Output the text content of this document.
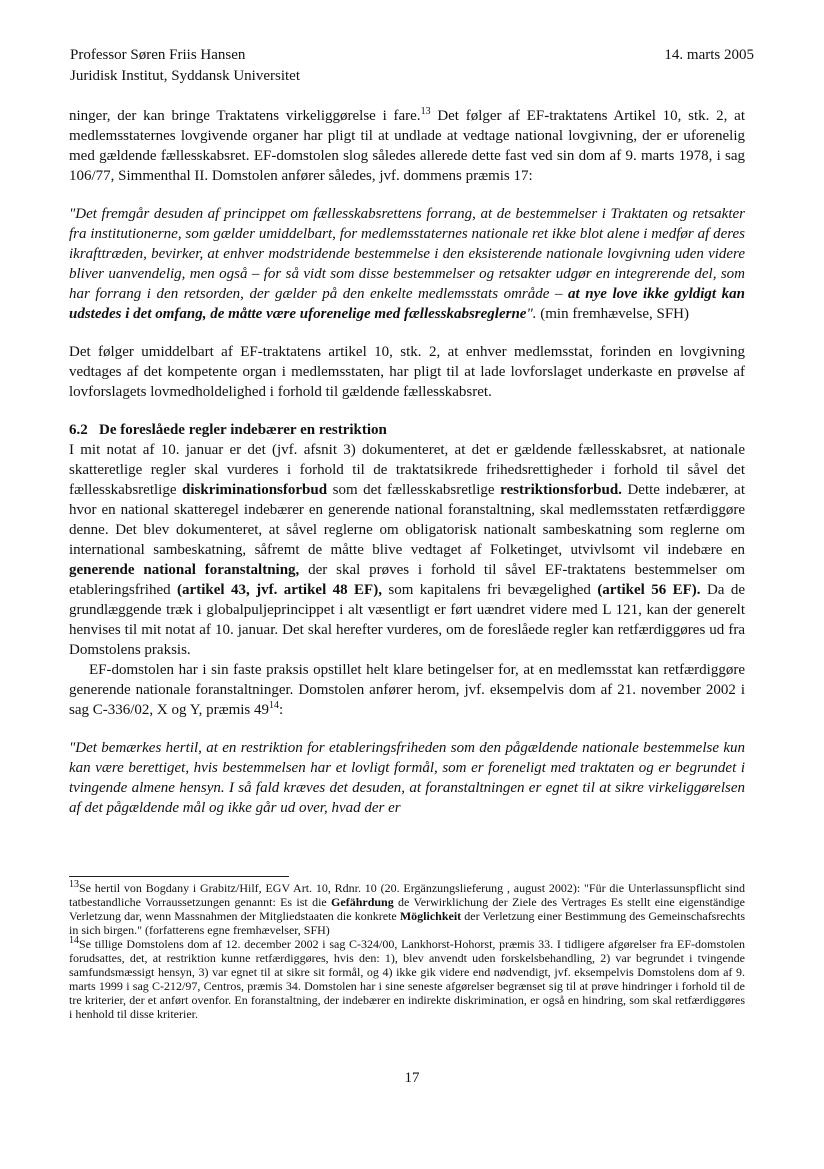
Professor Søren Friis Hansen
Juridisk Institut, Syddansk Universitet
14. marts 2005

ninger, der kan bringe Traktatens virkeliggørelse i fare.$^{13}$ Det følger af EF-traktatens Artikel 10, stk. 2, at medlemsstaternes lovgivende organer har pligt til at undlade at vedtage national lovgivning, der er uforenelig med gældende fællesskabsret. EF-domstolen slog således allerede dette fast ved sin dom af 9. marts 1978, i sag 106/77, Simmenthal II. Domstolen anfører således, jvf. dommens præmis 17:

"Det fremgår desuden af princippet om fællesskabsrettens forrang, at de bestemmelser i Traktaten og retsakter fra institutionerne, som gælder umiddelbart, for medlemsstaternes nationale ret ikke blot alene i medfør af deres ikrafttræden, bevirker, at enhver modstridende bestemmelse i den eksisterende nationale lovgivning uden videre bliver uanvendelig, men også – for så vidt som disse bestemmelser og retsakter udgør en integrerende del, som har forrang i den retsorden, der gælder på den enkelte medlemsstats område – at nye love ikke gyldigt kan udstedes i det omfang, de måtte være uforenelige med fællesskabsreglerne". (min fremhævelse, SFH)

Det følger umiddelbart af EF-traktatens artikel 10, stk. 2, at enhver medlemsstat, forinden en lovgivning vedtages af det kompetente organ i medlemsstaten, har pligt til at lade lovforslaget underkaste en prøvelse af lovforslagets lovmedholdelighed i forhold til gældende fællesskabsret.

6.2 De foreslåede regler indebærer en restriktion

I mit notat af 10. januar er det (jvf. afsnit 3) dokumenteret, at det er gældende fællesskabsret, at nationale skatteretlige regler skal vurderes i forhold til de traktatsikrede frihedsrettigheder i forhold til såvel det fællesskabsretlige diskriminationsforbud som det fællesskabsretlige restriktionsforbud. Dette indebærer, at hvor en national skatteregel indebærer en generende national foranstaltning, skal medlemsstaten retfærdiggøre denne. Det blev dokumenteret, at såvel reglerne om obligatorisk nationalt sambeskatning som reglerne om international sambeskatning, såfremt de måtte blive vedtaget af Folketinget, utvivlsomt vil indebære en generende national foranstaltning, der skal prøves i forhold til såvel EF-traktatens bestemmelser om etableringsfrihed (artikel 43, jvf. artikel 48 EF), som kapitalens fri bevægelighed (artikel 56 EF). Da de grundlæggende træk i globalpuljeprincippet i alt væsentligt er ført uændret videre med L 121, kan der generelt henvises til mit notat af 10. januar. Det skal herefter vurderes, om de foreslåede regler kan retfærdiggøres ud fra Domstolens praksis.

EF-domstolen har i sin faste praksis opstillet helt klare betingelser for, at en medlemsstat kan retfærdiggøre generende nationale foranstaltninger. Domstolen anfører herom, jvf. eksempelvis dom af 21. november 2002 i sag C-336/02, X og Y, præmis $49^{14}$:

"Det bemærkes hertil, at en restriktion for etableringsfriheden som den pågældende nationale bestemmelse kun kan være berettiget, hvis bestemmelsen har et lovligt formål, som er foreneligt med traktaten og er begrundet i tvingende almene hensyn. I så fald kræves det desuden, at foranstaltningen er egnet til at sikre virkeliggørelsen af det pågældende mål og ikke går ud over, hvad der er

$^{13}$Se hertil von Bogdany i Grabitz/Hilf, EGV Art. 10, Rdnr. 10 (20. Ergänzungslieferung , august 2002): "Für die Unterlassunspflicht sind tatbestandliche Vorraussetzungen genannt: Es ist die Gefährdung de Verwirklichung der Ziele des Vertrages Es stellt eine eigenständige Verletzung dar, wenn Massnahmen der Mitgliedstaaten die konkrete Möglichkeit der Verletzung einer Bestimmung des Gemeinschafsrechts in sich birgen." (forfatterens egne fremhævelser, SFH)

$^{14}$Se tillige Domstolens dom af 12. december 2002 i sag C-324/00, Lankhorst-Hohorst, præmis 33. I tidligere afgørelser fra EF-domstolen forudsattes, det, at restriktion kunne retfærdiggøres, hvis den: 1), blev anvendt uden forskelsbehandling, 2) var begrundet i tvingende samfundsmæssigt hensyn, 3) var egnet til at sikre sit formål, og 4) ikke gik videre end nødvendigt, jvf. eksempelvis Domstolens dom af 9. marts 1999 i sag C-212/97, Centros, præmis 34. Domstolen har i sine seneste afgørelser begrænset sig til at prøve hindringer i forhold til de tre kriterier, der et anført ovenfor. En foranstaltning, der indebærer en indirekte diskrimination, er også en hindring, som skal retfærdiggøres i henhold til disse kriterier.

17
